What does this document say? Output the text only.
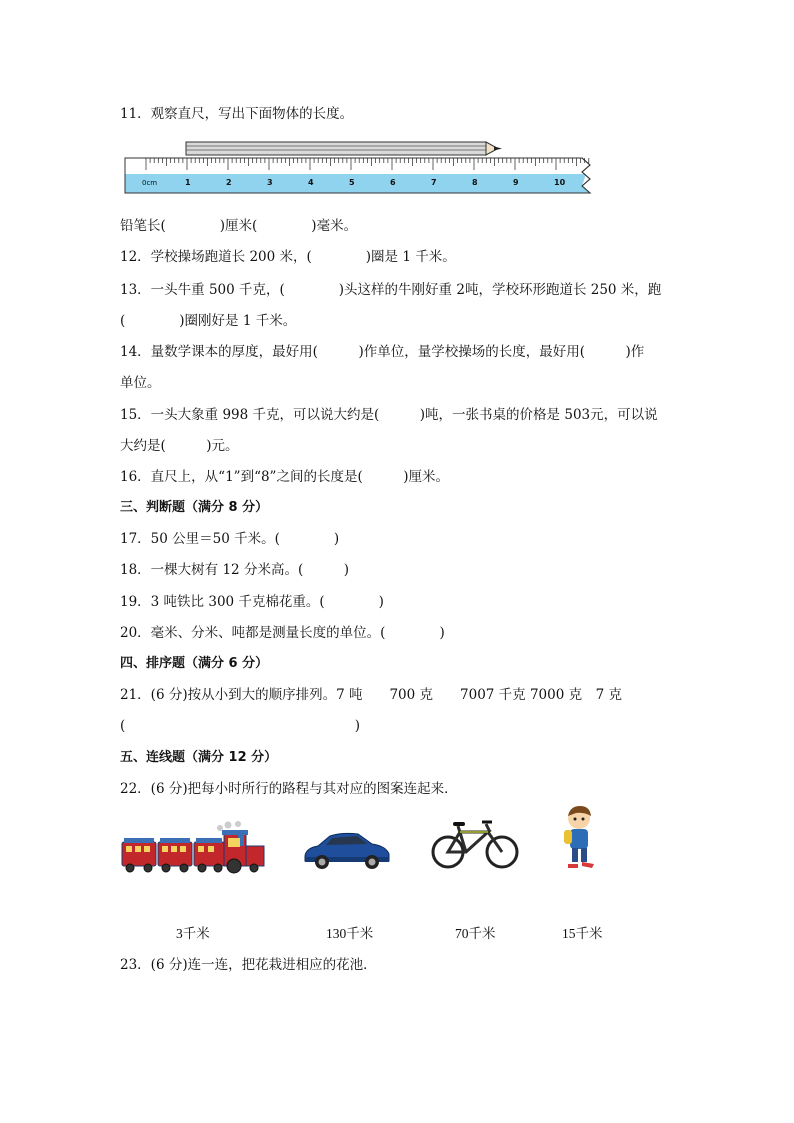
11．观察直尺，写出下面物体的长度。
0cm	1	2	3	4	5	6	7	8	9	10
铅笔长(　　　　)厘米(　　　　)毫米。
12．学校操场跑道长 200 米，(　　　　)圈是 1 千米。
13．一头牛重 500 千克，(　　　　)头这样的牛刚好重 2吨，学校环形跑道长 250 米，跑
(　　　　)圈刚好是 1 千米。
14．量数学课本的厚度，最好用(　　　)作单位，量学校操场的长度，最好用(　　　)作
单位。
15．一头大象重 998 千克，可以说大约是(　　　)吨，一张书桌的价格是 503元，可以说
大约是(　　　)元。
16．直尺上，从“1”到“8”之间的长度是(　　　)厘米。
三、判断题（满分 8 分）
17．50 公里＝50 千米。(　　　　)
18．一棵大树有 12 分米高。(　　　)
19．3 吨铁比 300 千克棉花重。(　　　　)
20．毫米、分米、吨都是测量长度的单位。(　　　　)
四、排序题（满分 6 分）
21．(6 分)按从小到大的顺序排列。7 吨　　700 克　　7007 千克 7000 克　7 克
(　　　　　　　　　　　　　　　　　)
五、连线题（满分 12 分）
22．(6 分)把每小时所行的路程与其对应的图案连起来．
3千米	130千米	70千米	15千米
23．(6 分)连一连，把花栽进相应的花池．
